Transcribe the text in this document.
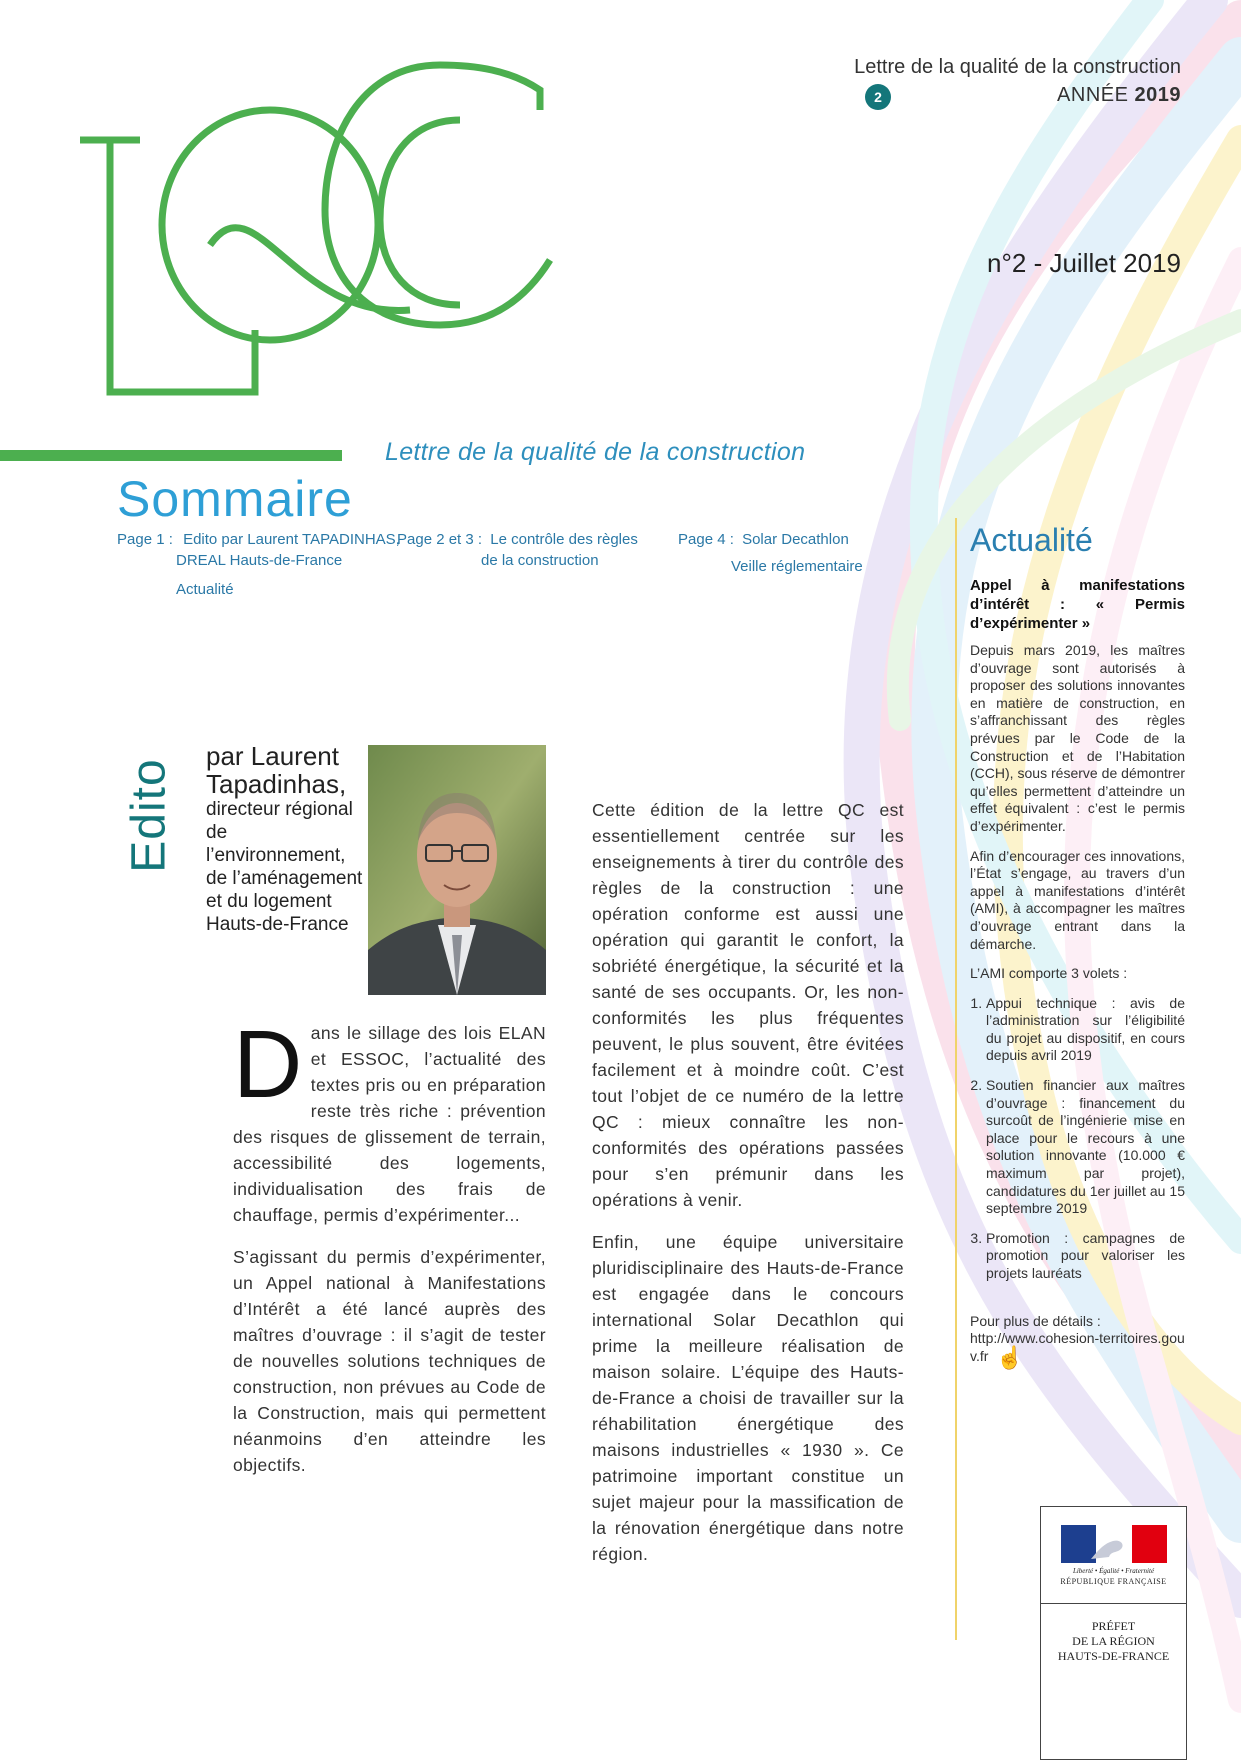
Lettre de la qualité de la construction
2	ANNÉE 2019
n°2 - Juillet 2019
Lettre de la qualité de la construction
Sommaire
Page 1 : Edito par Laurent TAPADINHAS,
DREAL Hauts-de-France
Actualité
Page 2 et 3 : Le contrôle des règles
de la construction
Page 4 : Solar Decathlon
Veille réglementaire
Edito
par Laurent
Tapadinhas,
directeur régional
de l’environnement,
de l’aménagement
et du logement
Hauts-de-France

Dans le sillage des lois ELAN et ESSOC, l’actualité des textes pris ou en préparation reste très riche : prévention des risques de glissement de terrain, accessibilité des logements, individualisation des frais de chauffage, permis d’expérimenter...

S’agissant du permis d’expérimenter, un Appel national à Manifestations d’Intérêt a été lancé auprès des maîtres d’ouvrage : il s’agit de tester de nouvelles solutions techniques de construction, non prévues au Code de la Construction, mais qui permettent néanmoins d’en atteindre les objectifs.

Cette édition de la lettre QC est essentiellement centrée sur les enseignements à tirer du contrôle des règles de la construction : une opération conforme est aussi une opération qui garantit le confort, la sobriété énergétique, la sécurité et la santé de ses occupants. Or, les non-conformités les plus fréquentes peuvent, le plus souvent, être évitées facilement et à moindre coût. C’est tout l’objet de ce numéro de la lettre QC : mieux connaître les non-conformités des opérations passées pour s’en prémunir dans les opérations à venir.

Enfin, une équipe universitaire pluridisciplinaire des Hauts-de-France est engagée dans le concours international Solar Decathlon qui prime la meilleure réalisation de maison solaire. L’équipe des Hauts-de-France a choisi de travailler sur la réhabilitation énergétique des maisons industrielles « 1930 ». Ce patrimoine important constitue un sujet majeur pour la massification de la rénovation énergétique dans notre région.

Actualité
Appel à manifestations d’intérêt : « Permis d’expérimenter »

Depuis mars 2019, les maîtres d’ouvrage sont autorisés à proposer des solutions innovantes en matière de construction, en s’affranchissant des règles prévues par le Code de la Construction et de l’Habitation (CCH), sous réserve de démontrer qu’elles permettent d’atteindre un effet équivalent : c’est le permis d’expérimenter.

Afin d’encourager ces innovations, l’État s’engage, au travers d’un appel à manifestations d’intérêt (AMI), à accompagner les maîtres d’ouvrage entrant dans la démarche.

L’AMI comporte 3 volets :

1. Appui technique : avis de l’administration sur l’éligibilité du projet au dispositif, en cours depuis avril 2019
2. Soutien financier aux maîtres d’ouvrage : financement du surcoût de l’ingénierie mise en place pour le recours à une solution innovante (10.000 € maximum par projet), candidatures du 1er juillet au 15 septembre 2019
3. Promotion : campagnes de promotion pour valoriser les projets lauréats
Pour plus de détails :
http://www.cohesion-territoires.gouv.fr ☝
Liberté • Égalité • Fraternité
RÉPUBLIQUE FRANÇAISE
PRÉFET
DE LA RÉGION
HAUTS-DE-FRANCE
